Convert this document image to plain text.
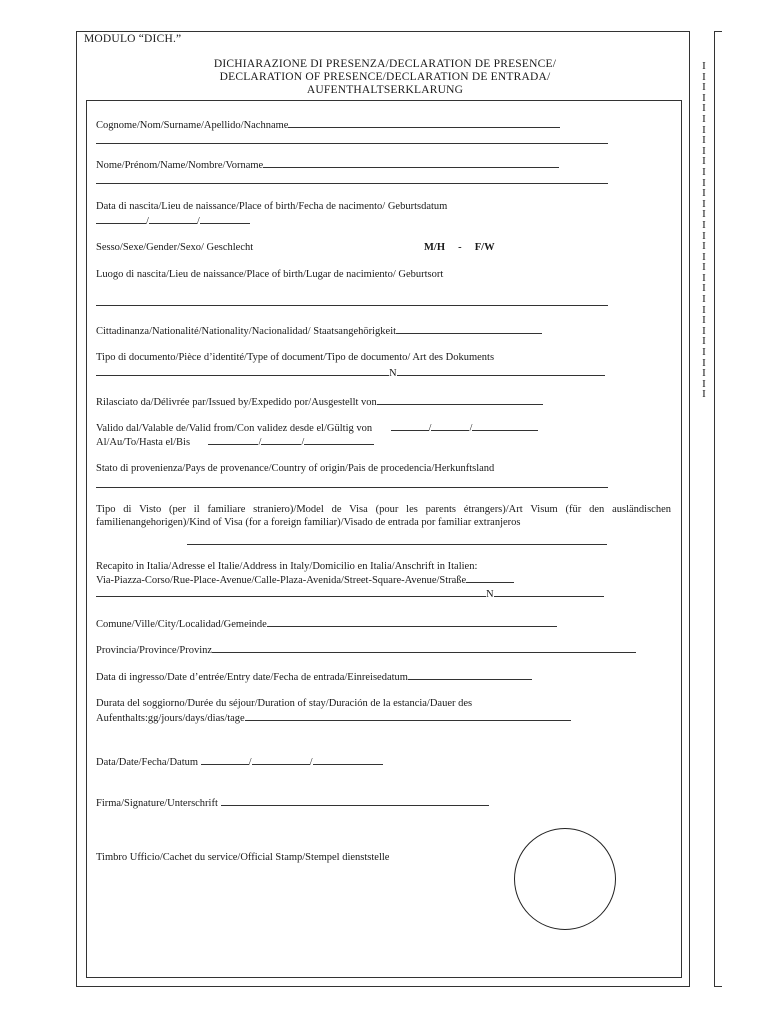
MODULO “DICH.”
DICHIARAZIONE DI PRESENZA/DECLARATION DE PRESENCE/
DECLARATION OF PRESENCE/DECLARATION DE ENTRADA/
AUFENTHALTSERKLARUNG
Cognome/Nom/Surname/Apellido/Nachname
Nome/Prénom/Name/Nombre/Vorname
Data di nascita/Lieu de naissance/Place of birth/Fecha de nacimento/ Geburtsdatum
/	/
Sesso/Sexe/Gender/Sexo/ Geschlecht	M/H     -     F/W
Luogo di nascita/Lieu de naissance/Place of birth/Lugar de nacimiento/ Geburtsort
Cittadinanza/Nationalité/Nationality/Nacionalidad/ Staatsangehörigkeit
Tipo di documento/Pièce d’identité/Type of document/Tipo de documento/ Art des Dokuments
N
Rilasciato da/Délivrée par/Issued by/Expedido por/Ausgestellt von
Valido dal/Valable de/Valid from/Con validez desde el/Gültig von	/	/
Al/Au/To/Hasta el/Bis	/	/
Stato di provenienza/Pays de provenance/Country of origin/Pais de procedencia/Herkunftsland
Tipo di Visto (per il familiare straniero)/Model de Visa (pour les parents étrangers)/Art Visum (für den ausländischen familienangehorigen)/Kind of Visa (for a foreign familiar)/Visado de entrada por familiar extranjeros
Recapito in Italia/Adresse el Italie/Address in Italy/Domicilio en Italia/Anschrift in Italien:
Via-Piazza-Corso/Rue-Place-Avenue/Calle-Plaza-Avenida/Street-Square-Avenue/Straße
N
Comune/Ville/City/Localidad/Gemeinde
Provincia/Province/Provinz
Data di ingresso/Date d’entrée/Entry date/Fecha de entrada/Einreisedatum
Durata del soggiorno/Durée du séjour/Duration of stay/Duración de la estancia/Dauer des
Aufenthalts:gg/jours/days/dias/tage
Data/Date/Fecha/Datum	/	/
Firma/Signature/Unterschrift
Timbro Ufficio/Cachet du service/Official Stamp/Stempel dienststelle
I
I
I
I
I
I
I
I
I
I
I
I
I
I
I
I
I
I
I
I
I
I
I
I
I
I
I
I
I
I
I
I
